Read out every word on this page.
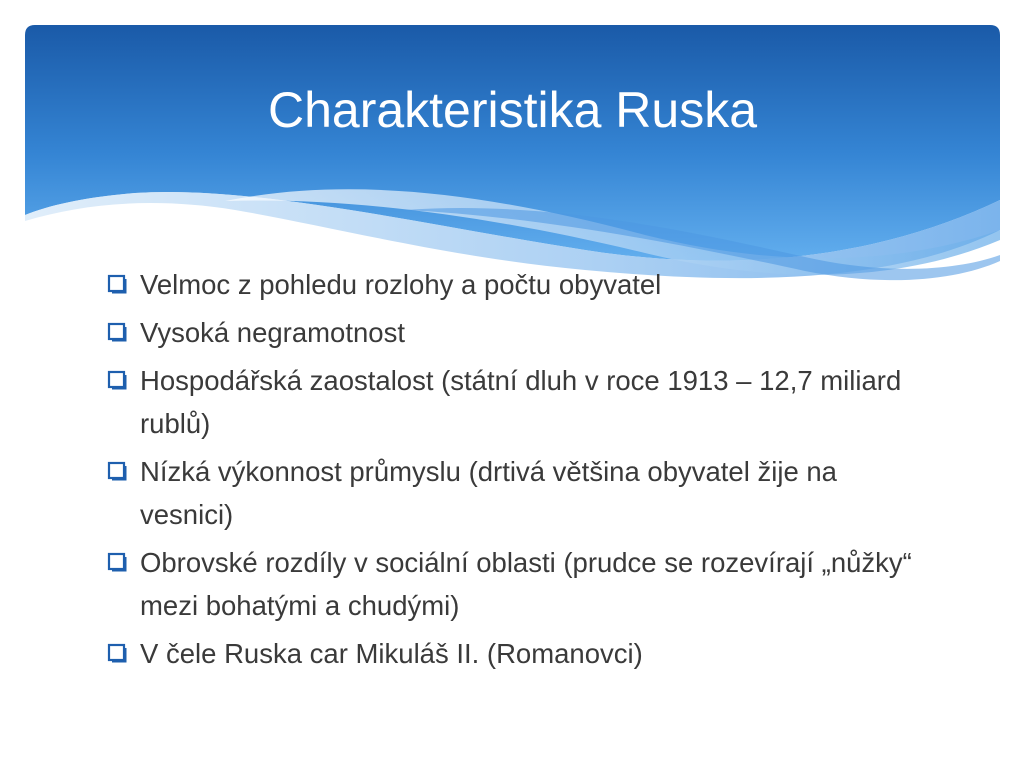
Charakteristika Ruska
Velmoc z pohledu rozlohy a počtu obyvatel
Vysoká negramotnost
Hospodářská zaostalost (státní dluh v roce 1913 – 12,7 miliard rublů)
Nízká výkonnost průmyslu (drtivá většina obyvatel žije na vesnici)
Obrovské rozdíly v sociální oblasti (prudce se rozevírají „nůžky“ mezi bohatými a chudými)
V čele Ruska car Mikuláš II. (Romanovci)
